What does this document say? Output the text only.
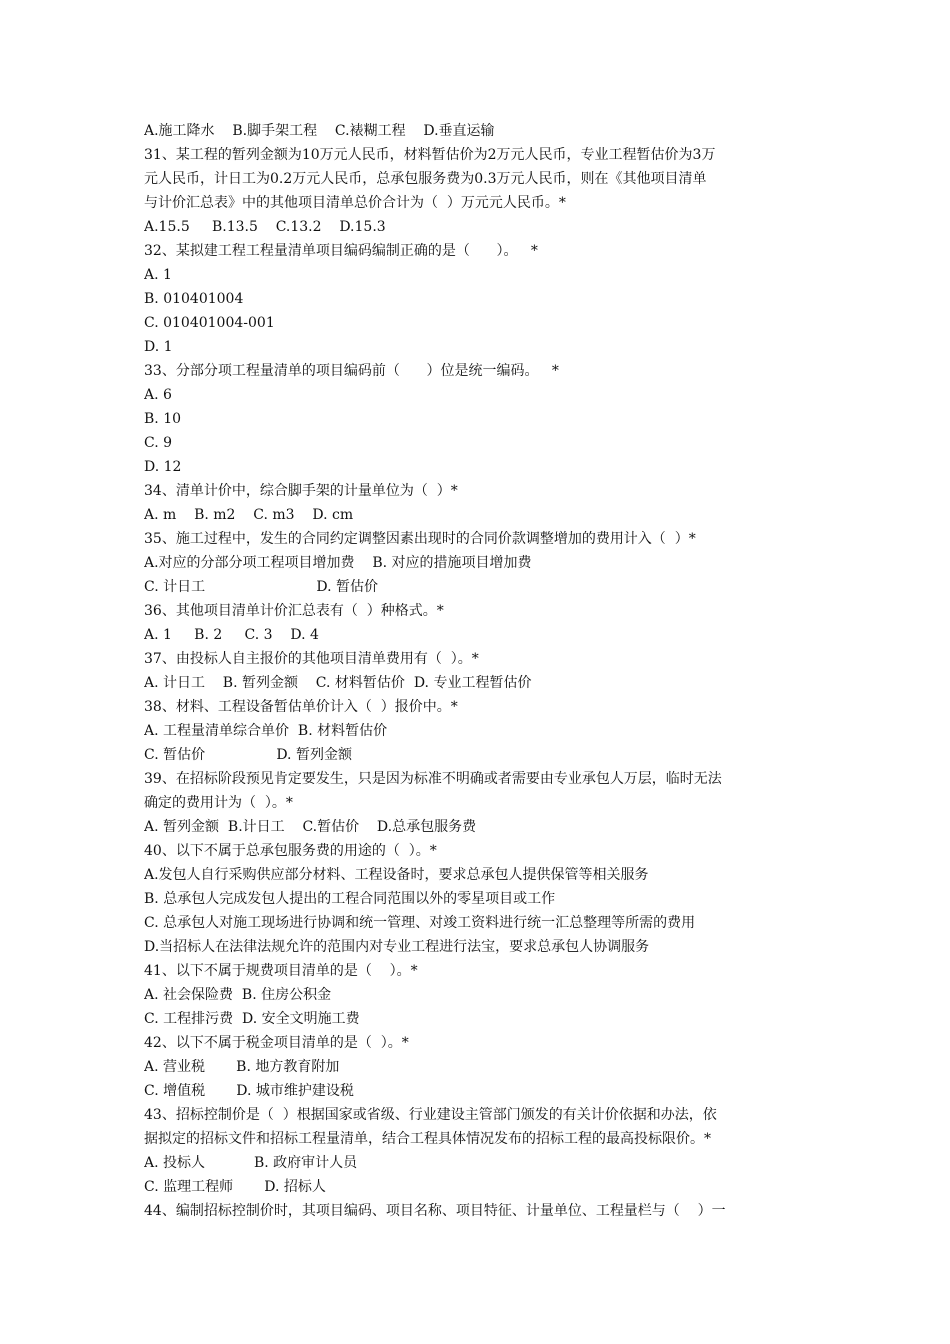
A.施工降水    B.脚手架工程    C.裱糊工程    D.垂直运输
31、某工程的暂列金额为10万元人民币，材料暂估价为2万元人民币，专业工程暂估价为3万
元人民币，计日工为0.2万元人民币，总承包服务费为0.3万元人民币，则在《其他项目清单
与计价汇总表》中的其他项目清单总价合计为（  ）万元元人民币。*
A.15.5     B.13.5    C.13.2    D.15.3
32、某拟建工程工程量清单项目编码编制正确的是（      ）。   *
A. 1
B. 010401004
C. 010401004-001
D. 1
33、分部分项工程量清单的项目编码前（      ）位是统一编码。   *
A. 6
B. 10
C. 9
D. 12
34、清单计价中，综合脚手架的计量单位为（  ）*
A. m    B. m2    C. m3    D. cm
35、施工过程中，发生的合同约定调整因素出现时的合同价款调整增加的费用计入（  ）*
A.对应的分部分项工程项目增加费    B. 对应的措施项目增加费
C. 计日工                         D. 暂估价
36、其他项目清单计价汇总表有（  ）种格式。*
A. 1     B. 2     C. 3    D. 4
37、由投标人自主报价的其他项目清单费用有（  ）。*
A. 计日工    B. 暂列金额    C. 材料暂估价  D. 专业工程暂估价
38、材料、工程设备暂估单价计入（  ）报价中。*
A. 工程量清单综合单价  B. 材料暂估价
C. 暂估价                D. 暂列金额
39、在招标阶段预见肯定要发生，只是因为标准不明确或者需要由专业承包人万层，临时无法
确定的费用计为（  ）。*
A. 暂列金额  B.计日工    C.暂估价    D.总承包服务费
40、以下不属于总承包服务费的用途的（  ）。*
A.发包人自行采购供应部分材料、工程设备时，要求总承包人提供保管等相关服务
B. 总承包人完成发包人提出的工程合同范围以外的零星项目或工作
C. 总承包人对施工现场进行协调和统一管理、对竣工资料进行统一汇总整理等所需的费用
D.当招标人在法律法规允许的范围内对专业工程进行法宝，要求总承包人协调服务
41、以下不属于规费项目清单的是（    ）。*
A. 社会保险费  B. 住房公积金
C. 工程排污费  D. 安全文明施工费
42、以下不属于税金项目清单的是（  ）。*
A. 营业税       B. 地方教育附加
C. 增值税       D. 城市维护建设税
43、招标控制价是（  ）根据国家或省级、行业建设主管部门颁发的有关计价依据和办法，依
据拟定的招标文件和招标工程量清单，结合工程具体情况发布的招标工程的最高投标限价。*
A. 投标人           B. 政府审计人员
C. 监理工程师       D. 招标人
44、编制招标控制价时，其项目编码、项目名称、项目特征、计量单位、工程量栏与（    ）一
